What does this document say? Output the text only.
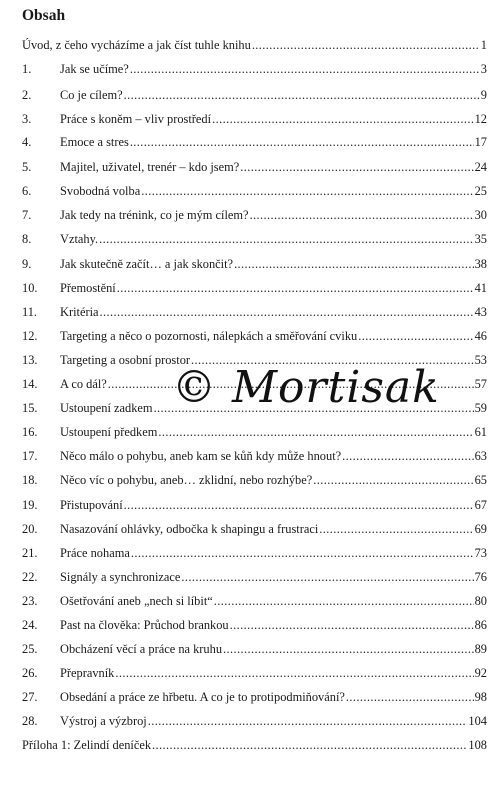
Obsah
Úvod, z čeho vycházíme a jak číst tuhle knihu .....	1
1.	Jak se učíme? .....	3
2.	Co je cílem? .....	9
3.	Práce s koněm – vliv prostředí .....	12
4.	Emoce a stres .....	17
5.	Majitel, uživatel, trenér – kdo jsem? .....	24
6.	Svobodná volba .....	25
7.	Jak tedy na trénink, co je mým cílem? .....	30
8.	Vztahy. .....	35
9.	Jak skutečně začít… a jak skončit? .....	38
10.	Přemostění .....	41
11.	Kritéria .....	43
12.	Targeting a něco o pozornosti, nálepkách a směřování cviku .....	46
13.	Targeting a osobní prostor .....	53
14.	A co dál? .....	57
15.	Ustoupení zadkem .....	59
16.	Ustoupení předkem .....	61
17.	Něco málo o pohybu, aneb kam se kůň kdy může hnout? .....	63
18.	Něco víc o pohybu, aneb… zklidní, nebo rozhýbe? .....	65
19.	Přistupování .....	67
20.	Nasazování ohlávky, odbočka k shapingu a frustraci .....	69
21.	Práce nohama .....	73
22.	Signály a synchronizace .....	76
23.	Ošetřování aneb „nech si líbit“ .....	80
24.	Past na člověka: Průchod brankou .....	86
25.	Obcházení věcí a práce na kruhu .....	89
26.	Přepravník .....	92
27.	Obsedání a práce ze hřbetu. A co je to protipodmiňování? .....	98
28.	Výstroj a výzbroj .....	104
Příloha 1: Zelindí deníček .....	108
© Mortisak
